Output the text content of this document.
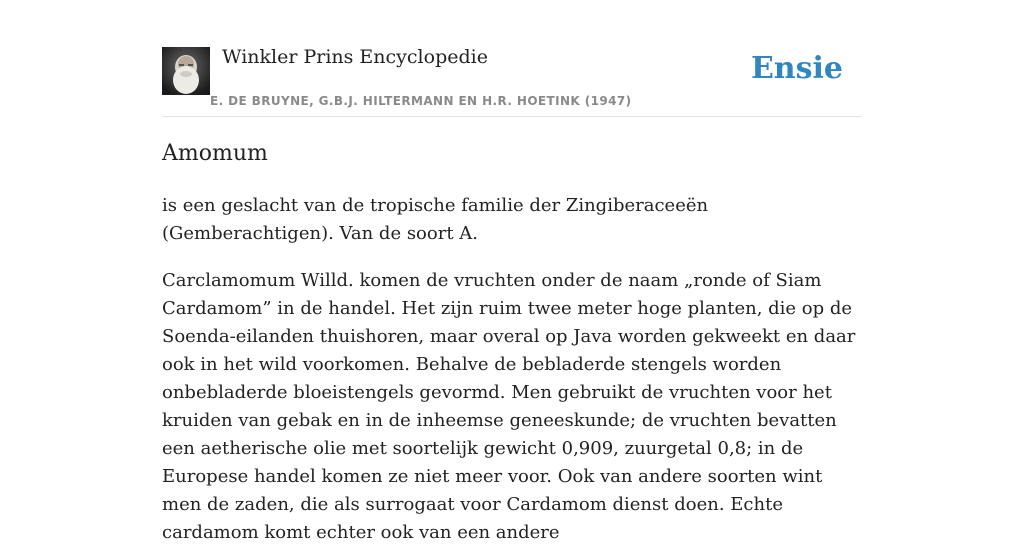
Winkler Prins Encyclopedie
E. DE BRUYNE, G.B.J. HILTERMANN EN H.R. HOETINK (1947)
Ensie
Amomum

is een geslacht van de tropische familie der Zingiberaceeën (Gemberachtigen). Van de soort A.

Carclamomum Willd. komen de vruchten onder de naam „ronde of Siam Cardamom” in de handel. Het zijn ruim twee meter hoge planten, die op de Soenda-eilanden thuishoren, maar overal op Java worden gekweekt en daar ook in het wild voorkomen. Behalve de bebladerde stengels worden onbebladerde bloeistengels gevormd. Men gebruikt de vruchten voor het kruiden van gebak en in de inheemse geneeskunde; de vruchten bevatten een aetherische olie met soortelijk gewicht 0,909, zuurgetal 0,8; in de Europese handel komen ze niet meer voor. Ook van andere soorten wint men de zaden, die als surrogaat voor Cardamom dienst doen. Echte cardamom komt echter ook van een andere
